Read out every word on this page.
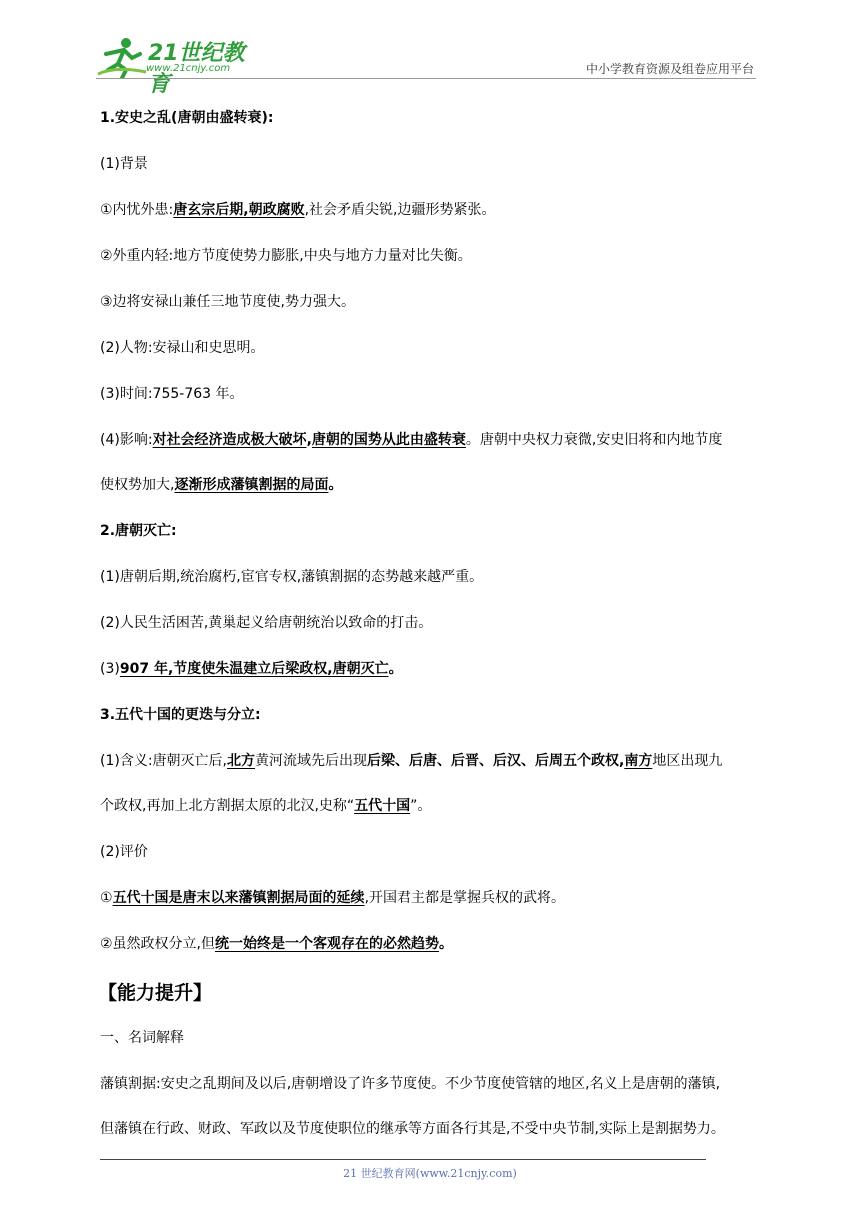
21世纪教育
www.21cnjy.com	中小学教育资源及组卷应用平台
1.安史之乱(唐朝由盛转衰):
(1)背景
①内忧外患:唐玄宗后期,朝政腐败,社会矛盾尖锐,边疆形势紧张。
②外重内轻:地方节度使势力膨胀,中央与地方力量对比失衡。
③边将安禄山兼任三地节度使,势力强大。
(2)人物:安禄山和史思明。
(3)时间:755-763 年。
(4)影响:对社会经济造成极大破坏,唐朝的国势从此由盛转衰。唐朝中央权力衰微,安史旧将和内地节度
使权势加大,逐渐形成藩镇割据的局面。
2.唐朝灭亡:
(1)唐朝后期,统治腐朽,宦官专权,藩镇割据的态势越来越严重。
(2)人民生活困苦,黄巢起义给唐朝统治以致命的打击。
(3)907 年,节度使朱温建立后梁政权,唐朝灭亡。
3.五代十国的更迭与分立:
(1)含义:唐朝灭亡后,北方黄河流域先后出现后梁、后唐、后晋、后汉、后周五个政权,南方地区出现九
个政权,再加上北方割据太原的北汉,史称“五代十国”。
(2)评价
①五代十国是唐末以来藩镇割据局面的延续,开国君主都是掌握兵权的武将。
②虽然政权分立,但统一始终是一个客观存在的必然趋势。
【能力提升】
一、名词解释
藩镇割据:安史之乱期间及以后,唐朝增设了许多节度使。不少节度使管辖的地区,名义上是唐朝的藩镇,
但藩镇在行政、财政、军政以及节度使职位的继承等方面各行其是,不受中央节制,实际上是割据势力。
21 世纪教育网(www.21cnjy.com)
